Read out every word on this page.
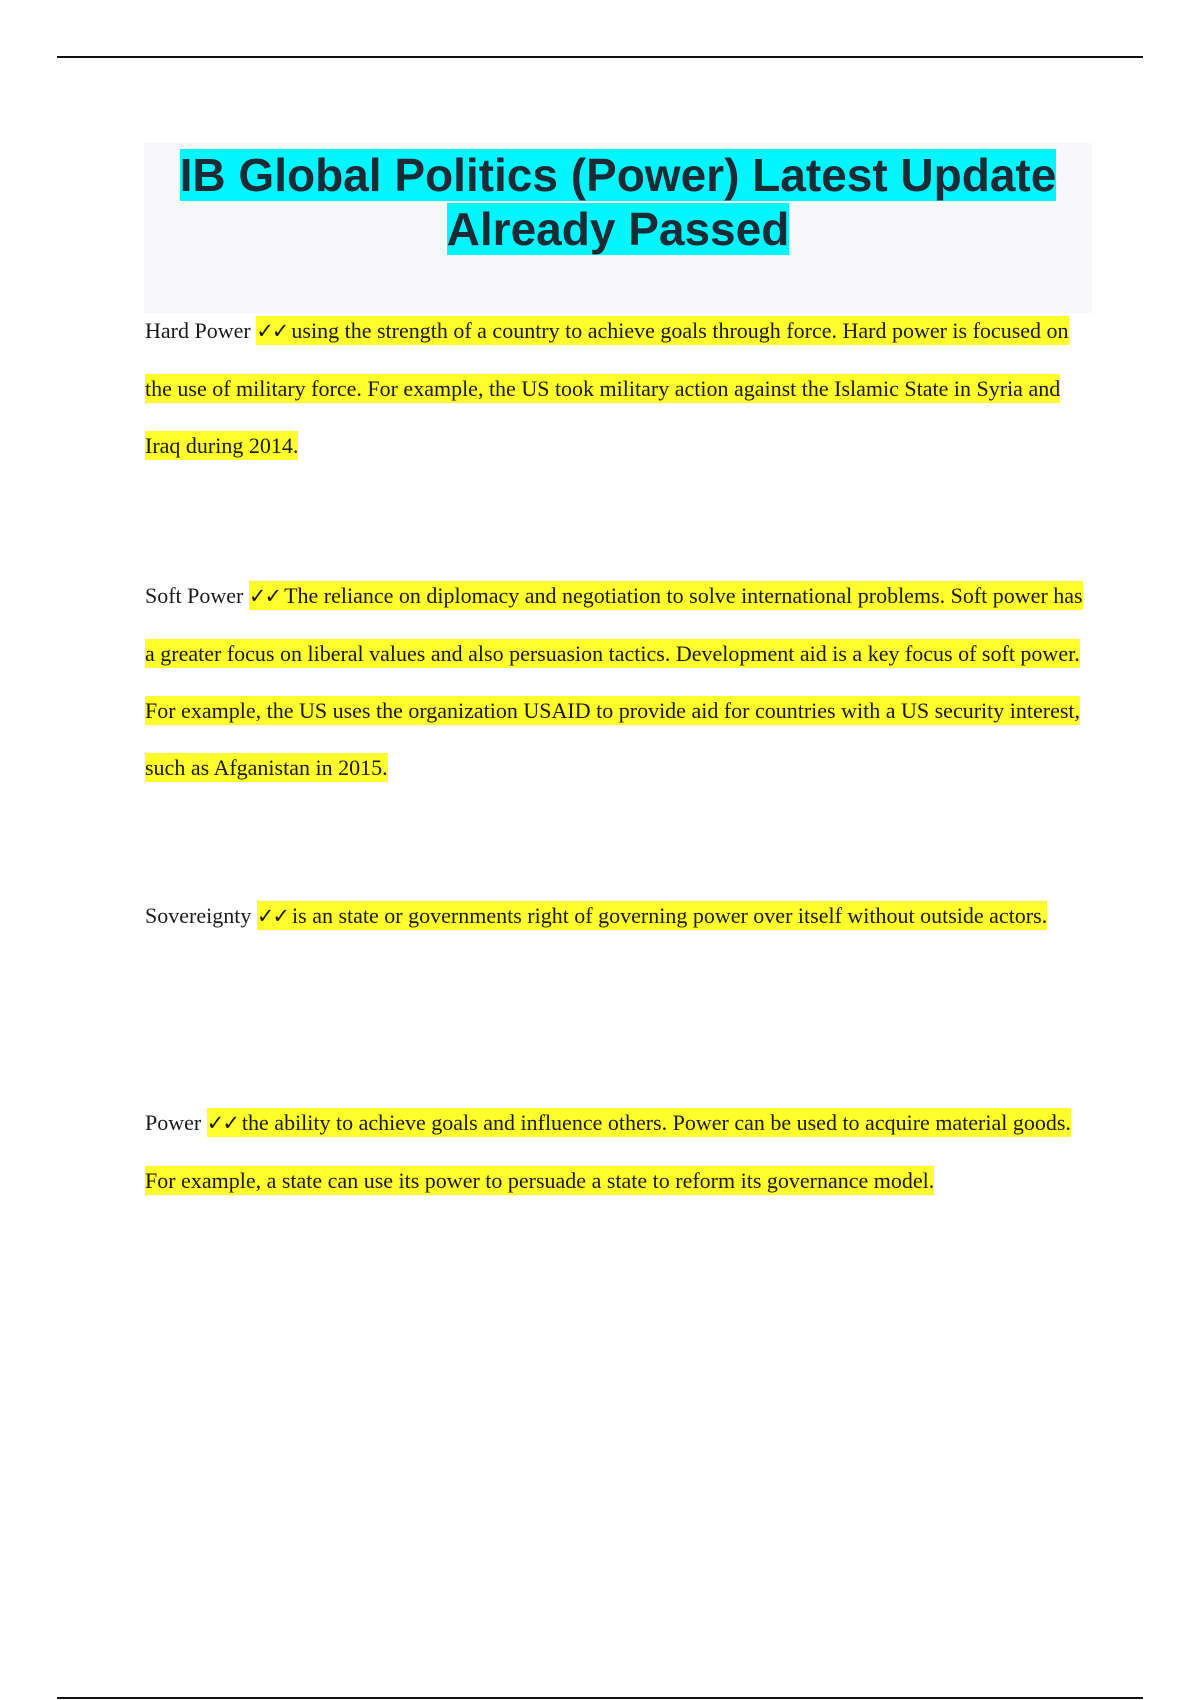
IB Global Politics (Power) Latest Update
Already Passed

Hard Power ✓✓ using the strength of a country to achieve goals through force. Hard power is focused on the use of military force. For example, the US took military action against the Islamic State in Syria and Iraq during 2014.

Soft Power ✓✓ The reliance on diplomacy and negotiation to solve international problems. Soft power has a greater focus on liberal values and also persuasion tactics. Development aid is a key focus of soft power. For example, the US uses the organization USAID to provide aid for countries with a US security interest, such as Afganistan in 2015.

Sovereignty ✓✓ is an state or governments right of governing power over itself without outside actors.

Power ✓✓ the ability to achieve goals and influence others. Power can be used to acquire material goods. For example, a state can use its power to persuade a state to reform its governance model.
